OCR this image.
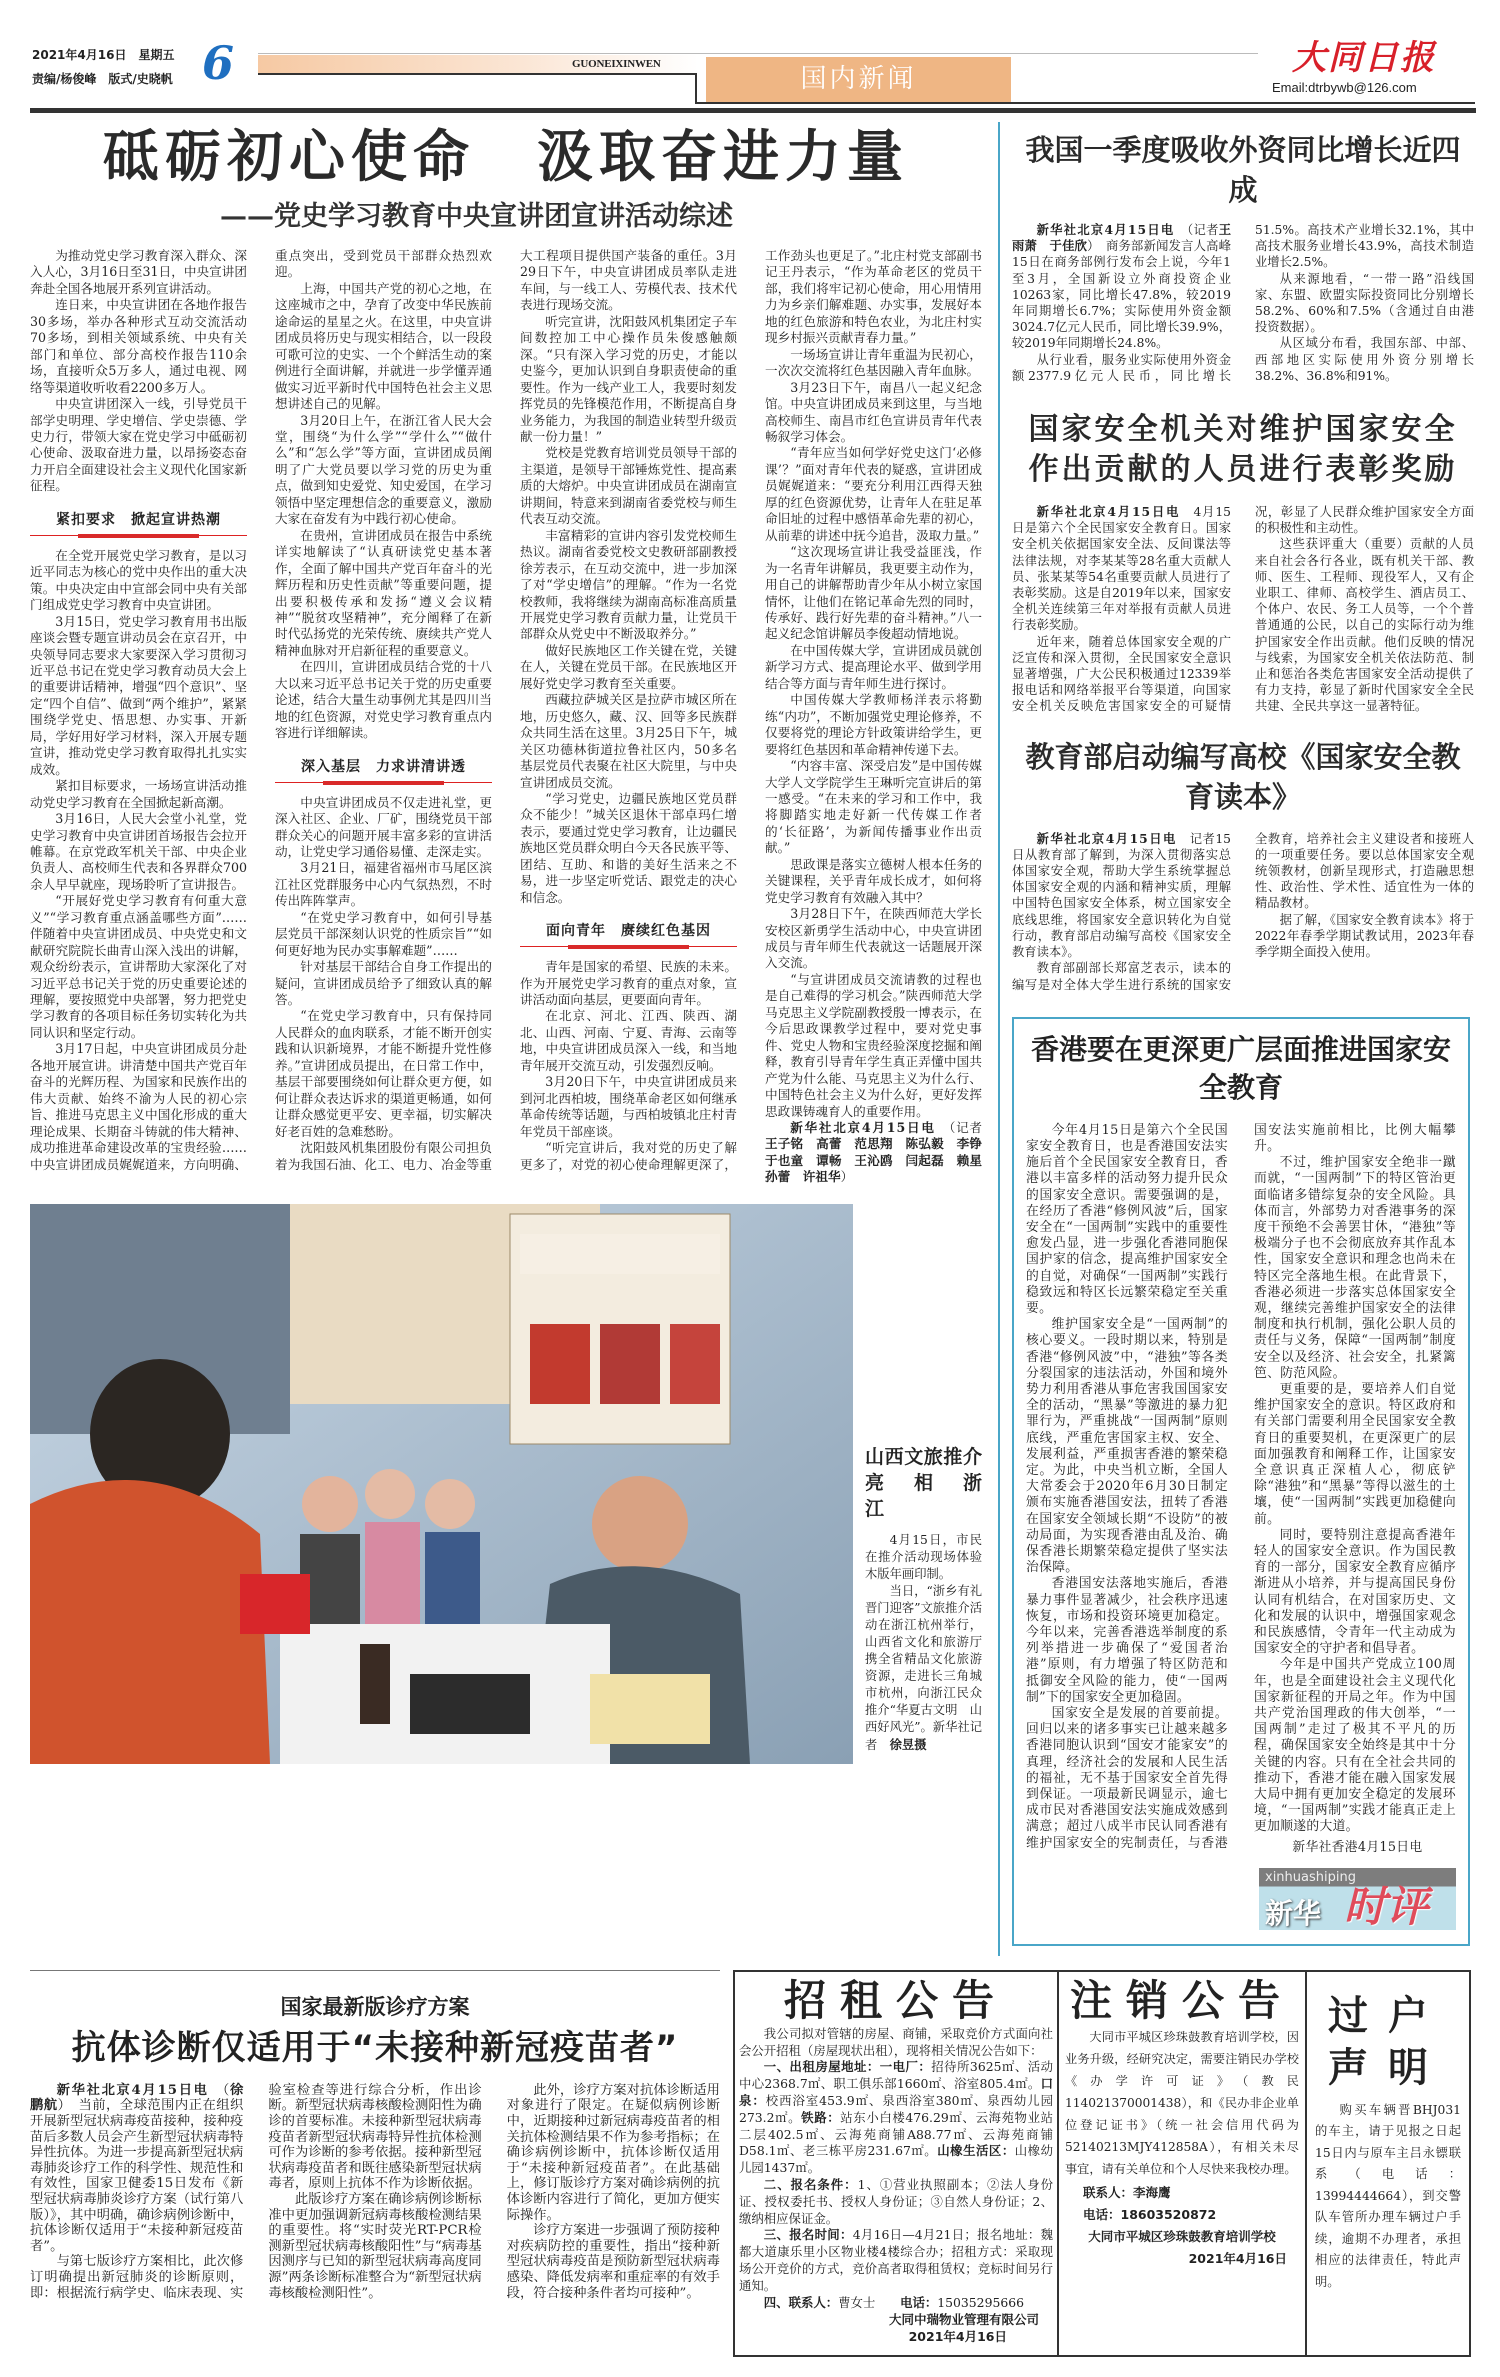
2021年4月16日　星期五
责编/杨俊峰　版式/史晓帆 6	GUONEIXINWEN	国内新闻
大同日报
Email:dtrbywb@126.com
砥砺初心使命　汲取奋进力量
——党史学习教育中央宣讲团宣讲活动综述

为推动党史学习教育深入群众、深入人心，3月16日至31日，中央宣讲团奔赴全国各地展开系列宣讲活动。

连日来，中央宣讲团在各地作报告30多场，举办各种形式互动交流活动70多场，到相关领域系统、中央有关部门和单位、部分高校作报告110余场，直接听众5万多人，通过电视、网络等渠道收听收看2200多万人。

中央宣讲团深入一线，引导党员干部学史明理、学史增信、学史崇德、学史力行，带领大家在党史学习中砥砺初心使命、汲取奋进力量，以昂扬姿态奋力开启全面建设社会主义现代化国家新征程。

紧扣要求　掀起宣讲热潮

在全党开展党史学习教育，是以习近平同志为核心的党中央作出的重大决策。中央决定由中宣部会同中央有关部门组成党史学习教育中央宣讲团。

3月15日，党史学习教育用书出版座谈会暨专题宣讲动员会在京召开，中央领导同志要求大家要深入学习贯彻习近平总书记在党史学习教育动员大会上的重要讲话精神，增强“四个意识”、坚定“四个自信”、做到“两个维护”，紧紧围绕学党史、悟思想、办实事、开新局，学好用好学习材料，深入开展专题宣讲，推动党史学习教育取得扎扎实实成效。

紧扣目标要求，一场场宣讲活动推动党史学习教育在全国掀起新高潮。

3月16日，人民大会堂小礼堂，党史学习教育中央宣讲团首场报告会拉开帷幕。在京党政军机关干部、中央企业负责人、高校师生代表和各界群众700余人早早就座，现场聆听了宣讲报告。

“开展好党史学习教育有何重大意义”“学习教育重点涵盖哪些方面”……伴随着中央宣讲团成员、中央党史和文献研究院院长曲青山深入浅出的讲解，观众纷纷表示，宣讲帮助大家深化了对习近平总书记关于党的历史重要论述的理解，要按照党中央部署，努力把党史学习教育的各项目标任务切实转化为共同认识和坚定行动。

3月17日起，中央宣讲团成员分赴各地开展宣讲。讲清楚中国共产党百年奋斗的光辉历程、为国家和民族作出的伟大贡献、始终不渝为人民的初心宗旨、推进马克思主义中国化形成的重大理论成果、长期奋斗铸就的伟大精神、成功推进革命建设改革的宝贵经验……中央宣讲团成员娓娓道来，方向明确、重点突出，受到党员干部群众热烈欢迎。

上海，中国共产党的初心之地，在这座城市之中，孕育了改变中华民族前途命运的星星之火。在这里，中央宣讲团成员将历史与现实相结合，以一段段可歌可泣的史实、一个个鲜活生动的案例进行全面讲解，并就进一步学懂弄通做实习近平新时代中国特色社会主义思想讲述自己的见解。

3月20日上午，在浙江省人民大会堂，围绕“为什么学”“学什么”“做什么”和“怎么学”等方面，宣讲团成员阐明了广大党员要以学习党的历史为重点，做到知史爱党、知史爱国，在学习领悟中坚定理想信念的重要意义，激励大家在奋发有为中践行初心使命。

在贵州，宣讲团成员在报告中系统详实地解读了“认真研读党史基本著作，全面了解中国共产党百年奋斗的光辉历程和历史性贡献”等重要问题，提出要积极传承和发扬“遵义会议精神”“脱贫攻坚精神”，充分阐释了在新时代弘扬党的光荣传统、赓续共产党人精神血脉对开启新征程的重要意义。

在四川，宣讲团成员结合党的十八大以来习近平总书记关于党的历史重要论述，结合大量生动事例尤其是四川当地的红色资源，对党史学习教育重点内容进行详细解读。

深入基层　力求讲清讲透

中央宣讲团成员不仅走进礼堂，更深入社区、企业、厂矿，围绕党员干部群众关心的问题开展丰富多彩的宣讲活动，让党史学习通俗易懂、走深走实。

3月21日，福建省福州市马尾区滨江社区党群服务中心内气氛热烈，不时传出阵阵掌声。

“在党史学习教育中，如何引导基层党员干部深刻认识党的性质宗旨”“如何更好地为民办实事解难题”……

针对基层干部结合自身工作提出的疑问，宣讲团成员给予了细致认真的解答。

“在党史学习教育中，只有保持同人民群众的血肉联系，才能不断开创实践和认识新境界，才能不断提升党性修养。”宣讲团成员提出，在日常工作中，基层干部要围绕如何让群众更方便，如何让群众表达诉求的渠道更畅通，如何让群众感觉更平安、更幸福，切实解决好老百姓的急难愁盼。

沈阳鼓风机集团股份有限公司担负着为我国石油、化工、电力、冶金等重大工程项目提供国产装备的重任。3月29日下午，中央宣讲团成员率队走进车间，与一线工人、劳模代表、技术代表进行现场交流。

听完宣讲，沈阳鼓风机集团定子车间数控加工中心操作员朱俊感触颇深。“只有深入学习党的历史，才能以史鉴今，更加认识到自身职责使命的重要性。作为一线产业工人，我要时刻发挥党员的先锋模范作用，不断提高自身业务能力，为我国的制造业转型升级贡献一份力量！”

党校是党教育培训党员领导干部的主渠道，是领导干部锤炼党性、提高素质的大熔炉。中央宣讲团成员在湖南宣讲期间，特意来到湖南省委党校与师生代表互动交流。

丰富精彩的宣讲内容引发党校师生热议。湖南省委党校文史教研部副教授徐芳表示，在互动交流中，进一步加深了对“学史增信”的理解。“作为一名党校教师，我将继续为湖南高标准高质量开展党史学习教育贡献力量，让党员干部群众从党史中不断汲取养分。”

做好民族地区工作关键在党，关键在人，关键在党员干部。在民族地区开展好党史学习教育至关重要。

西藏拉萨城关区是拉萨市城区所在地，历史悠久，藏、汉、回等多民族群众共同生活在这里。3月25日下午，城关区功德林街道拉鲁社区内，50多名基层党员代表聚在社区大院里，与中央宣讲团成员交流。

“学习党史，边疆民族地区党员群众不能少！”城关区退休干部卓玛仁增表示，要通过党史学习教育，让边疆民族地区党员群众明白今天各民族平等、团结、互助、和谐的美好生活来之不易，进一步坚定听党话、跟党走的决心和信念。

面向青年　赓续红色基因

青年是国家的希望、民族的未来。作为开展党史学习教育的重点对象，宣讲活动面向基层，更要面向青年。

在北京、河北、江西、陕西、湖北、山西、河南、宁夏、青海、云南等地，中央宣讲团成员深入一线，和当地青年展开交流互动，引发强烈反响。

3月20日下午，中央宣讲团成员来到河北西柏坡，围绕革命老区如何继承革命传统等话题，与西柏坡镇北庄村青年党员干部座谈。

“听完宣讲后，我对党的历史了解更多了，对党的初心使命理解更深了，工作劲头也更足了。”北庄村党支部副书记王丹表示，“作为革命老区的党员干部，我们将牢记初心使命，用心用情用力为乡亲们解难题、办实事，发展好本地的红色旅游和特色农业，为北庄村实现乡村振兴贡献青春力量。”

一场场宣讲让青年重温为民初心，一次次交流将红色基因融入青年血脉。

3月23日下午，南昌八一起义纪念馆。中央宣讲团成员来到这里，与当地高校师生、南昌市红色宣讲员青年代表畅叙学习体会。

“青年应当如何学好党史这门‘必修课’？”面对青年代表的疑惑，宣讲团成员娓娓道来：“要充分利用江西得天独厚的红色资源优势，让青年人在驻足革命旧址的过程中感悟革命先辈的初心，从前辈的讲述中抚今追昔，汲取力量。”

“这次现场宣讲让我受益匪浅，作为一名青年讲解员，我更要主动作为，用自己的讲解帮助青少年从小树立家国情怀，让他们在铭记革命先烈的同时，传承好、践行好先辈的奋斗精神。”八一起义纪念馆讲解员李俊超动情地说。

在中国传媒大学，宣讲团成员就创新学习方式、提高理论水平、做到学用结合等方面与青年师生进行探讨。

中国传媒大学教师杨洋表示将勤练“内功”，不断加强党史理论修养，不仅要将党的理论方针政策讲给学生，更要将红色基因和革命精神传递下去。

“内容丰富、深受启发”是中国传媒大学人文学院学生王琳听完宣讲后的第一感受。“在未来的学习和工作中，我将脚踏实地走好新一代传媒工作者的‘长征路’，为新闻传播事业作出贡献。”

思政课是落实立德树人根本任务的关键课程，关乎青年成长成才，如何将党史学习教育有效融入其中？

3月28日下午，在陕西师范大学长安校区新勇学生活动中心，中央宣讲团成员与青年师生代表就这一话题展开深入交流。

“与宣讲团成员交流请教的过程也是自己难得的学习机会。”陕西师范大学马克思主义学院副教授殷一博表示，在今后思政课教学过程中，要对党史事件、党史人物和宝贵经验深度挖掘和阐释，教育引导青年学生真正弄懂中国共产党为什么能、马克思主义为什么行、中国特色社会主义为什么好，更好发挥思政课铸魂育人的重要作用。

新华社北京4月15日电　（记者王子铭　高蕾　范思翔　陈弘毅　李铮　于也童　谭畅　王沁鸥　闫起磊　赖星　孙蕾　许祖华）

山西文旅推介　亮　相　浙　江

4月15日，市民在推介活动现场体验木版年画印制。

当日，“浙乡有礼　晋门迎客”文旅推介活动在浙江杭州举行，山西省文化和旅游厅携全省精品文化旅游资源，走进长三角城市杭州，向浙江民众推介“华夏古文明　山西好风光”。新华社记者　徐昱摄

我国一季度吸收外资同比增长近四成

新华社北京4月15日电　（记者王雨萧　于佳欣）　商务部新闻发言人高峰15日在商务部例行发布会上说，今年1至3月，全国新设立外商投资企业10263家，同比增长47.8%，较2019年同期增长6.7%；实际使用外资金额3024.7亿元人民币，同比增长39.9%，较2019年同期增长24.8%。

从行业看，服务业实际使用外资金额2377.9亿元人民币，同比增长51.5%。高技术产业增长32.1%，其中高技术服务业增长43.9%，高技术制造业增长2.5%。

从来源地看，“一带一路”沿线国家、东盟、欧盟实际投资同比分别增长58.2%、60%和7.5%（含通过自由港投资数据）。

从区域分布看，我国东部、中部、西部地区实际使用外资分别增长38.2%、36.8%和91%。

国家安全机关对维护国家安全
作出贡献的人员进行表彰奖励

新华社北京4月15日电　4月15日是第六个全民国家安全教育日。国家安全机关依据国家安全法、反间谍法等法律法规，对李某某等28名重大贡献人员、张某某等54名重要贡献人员进行了表彰奖励。这是自2019年以来，国家安全机关连续第三年对举报有贡献人员进行表彰奖励。

近年来，随着总体国家安全观的广泛宣传和深入贯彻，全民国家安全意识显著增强，广大公民积极通过12339举报电话和网络举报平台等渠道，向国家安全机关反映危害国家安全的可疑情况，彰显了人民群众维护国家安全方面的积极性和主动性。

这些获评重大（重要）贡献的人员来自社会各行各业，既有机关干部、教师、医生、工程师、现役军人，又有企业职工、律师、高校学生、酒店员工、个体户、农民、务工人员等，一个个普普通通的公民，以自己的实际行动为维护国家安全作出贡献。他们反映的情况与线索，为国家安全机关依法防范、制止和惩治各类危害国家安全活动提供了有力支持，彰显了新时代国家安全全民共建、全民共享这一显著特征。

教育部启动编写高校《国家安全教育读本》

新华社北京4月15日电　记者15日从教育部了解到，为深入贯彻落实总体国家安全观，帮助大学生系统掌握总体国家安全观的内涵和精神实质，理解中国特色国家安全体系，树立国家安全底线思维，将国家安全意识转化为自觉行动，教育部启动编写高校《国家安全教育读本》。

教育部副部长郑富芝表示，读本的编写是对全体大学生进行系统的国家安全教育，培养社会主义建设者和接班人的一项重要任务。要以总体国家安全观统领教材，创新呈现形式，打造融思想性、政治性、学术性、适宜性为一体的精品教材。

据了解，《国家安全教育读本》将于2022年春季学期试教试用，2023年春季学期全面投入使用。

香港要在更深更广层面推进国家安全教育

今年4月15日是第六个全民国家安全教育日，也是香港国安法实施后首个全民国家安全教育日，香港以丰富多样的活动努力提升民众的国家安全意识。需要强调的是，在经历了香港“修例风波”后，国家安全在“一国两制”实践中的重要性愈发凸显，进一步强化香港同胞保国护家的信念，提高维护国家安全的自觉，对确保“一国两制”实践行稳致远和特区长远繁荣稳定至关重要。

维护国家安全是“一国两制”的核心要义。一段时期以来，特别是香港“修例风波”中，“港独”等各类分裂国家的违法活动，外国和境外势力利用香港从事危害我国国家安全的活动，“黑暴”等激进的暴力犯罪行为，严重挑战“一国两制”原则底线，严重危害国家主权、安全、发展利益，严重损害香港的繁荣稳定。为此，中央当机立断，全国人大常委会于2020年6月30日制定颁布实施香港国安法，扭转了香港在国家安全领域长期“不设防”的被动局面，为实现香港由乱及治、确保香港长期繁荣稳定提供了坚实法治保障。

香港国安法落地实施后，香港暴力事件显著减少，社会秩序迅速恢复，市场和投资环境更加稳定。今年以来，完善香港选举制度的系列举措进一步确保了“爱国者治港”原则，有力增强了特区防范和抵御安全风险的能力，使“一国两制”下的国家安全更加稳固。

国家安全是发展的首要前提。回归以来的诸多事实已让越来越多香港同胞认识到“国安才能家安”的真理，经济社会的发展和人民生活的福祉，无不基于国家安全首先得到保证。一项最新民调显示，逾七成市民对香港国安法实施成效感到满意；超过八成半市民认同香港有维护国家安全的宪制责任，与香港国安法实施前相比，比例大幅攀升。

不过，维护国家安全绝非一蹴而就，“一国两制”下的特区管治更面临诸多错综复杂的安全风险。具体而言，外部势力对香港事务的深度干预绝不会善罢甘休，“港独”等极端分子也不会彻底放弃其作乱本性，国家安全意识和理念也尚未在特区完全落地生根。在此背景下，香港必须进一步落实总体国家安全观，继续完善维护国家安全的法律制度和执行机制，强化公职人员的责任与义务，保障“一国两制”制度安全以及经济、社会安全，扎紧篱笆、防范风险。

更重要的是，要培养人们自觉维护国家安全的意识。特区政府和有关部门需要利用全民国家安全教育日的重要契机，在更深更广的层面加强教育和阐释工作，让国家安全意识真正深植人心，彻底铲除“港独”和“黑暴”等得以滋生的土壤，使“一国两制”实践更加稳健向前。

同时，要特别注意提高香港年轻人的国家安全意识。作为国民教育的一部分，国家安全教育应循序渐进从小培养，并与提高国民身份认同有机结合，在对国家历史、文化和发展的认识中，增强国家观念和民族感情，令青年一代主动成为国家安全的守护者和倡导者。

今年是中国共产党成立100周年，也是全面建设社会主义现代化国家新征程的开局之年。作为中国共产党治国理政的伟大创举，“一国两制”走过了极其不平凡的历程，确保国家安全始终是其中十分关键的内容。只有在全社会共同的推动下，香港才能在融入国家发展大局中拥有更加安全稳定的发展环境，“一国两制”实践才能真正走上更加顺遂的大道。

新华社香港4月15日电

xinhuashiping
新华 时评
国家最新版诊疗方案
抗体诊断仅适用于“未接种新冠疫苗者”

新华社北京4月15日电　（徐鹏航）　当前，全球范围内正在组织开展新型冠状病毒疫苗接种，接种疫苗后多数人员会产生新型冠状病毒特异性抗体。为进一步提高新型冠状病毒肺炎诊疗工作的科学性、规范性和有效性，国家卫健委15日发布《新型冠状病毒肺炎诊疗方案（试行第八版）》，其中明确，确诊病例诊断中，抗体诊断仅适用于“未接种新冠疫苗者”。

与第七版诊疗方案相比，此次修订明确提出新冠肺炎的诊断原则，即：根据流行病学史、临床表现、实验室检查等进行综合分析，作出诊断。新型冠状病毒核酸检测阳性为确诊的首要标准。未接种新型冠状病毒疫苗者新型冠状病毒特异性抗体检测可作为诊断的参考依据。接种新型冠状病毒疫苗者和既往感染新型冠状病毒者，原则上抗体不作为诊断依据。

此版诊疗方案在确诊病例诊断标准中更加强调新冠病毒核酸检测结果的重要性。将“实时荧光RT-PCR检测新型冠状病毒核酸阳性”与“病毒基因测序与已知的新型冠状病毒高度同源”两条诊断标准整合为“新型冠状病毒核酸检测阳性”。

此外，诊疗方案对抗体诊断适用对象进行了限定。在疑似病例诊断中，近期接种过新冠病毒疫苗者的相关抗体检测结果不作为参考指标；在确诊病例诊断中，抗体诊断仅适用于“未接种新冠疫苗者”。在此基础上，修订版诊疗方案对确诊病例的抗体诊断内容进行了简化，更加方便实际操作。

诊疗方案进一步强调了预防接种对疾病防控的重要性，指出“接种新型冠状病毒疫苗是预防新型冠状病毒感染、降低发病率和重症率的有效手段，符合接种条件者均可接种”。

招租公告

我公司拟对管辖的房屋、商铺，采取竞价方式面向社会公开招租（房屋现状出租），现将相关情况公告如下：

一、出租房屋地址：一电厂：招待所3625㎡、活动中心2368.7㎡、职工俱乐部1660㎡、浴室805.4㎡。口　泉：校西浴室453.9㎡、泉西浴室380㎡、泉西幼儿园273.2㎡。铁路：站东小白楼476.29㎡、云海苑物业站二层402.5㎡、云海苑商铺A88.77㎡、云海苑商铺D58.1㎡、老三栋平房231.67㎡。山橡生活区：山橡幼儿园1437㎡。

二、报名条件：1、①营业执照副本；②法人身份证、授权委托书、授权人身份证；③自然人身份证；2、缴纳相应保证金。

三、报名时间：4月16日—4月21日；报名地址：魏都大道康乐里小区物业楼4楼综合办；招租方式：采取现场公开竞价的方式，竞价高者取得租赁权；竞标时间另行通知。

四、联系人：曹女士　　电话：15035295666

大同中瑞物业管理有限公司
2021年4月16日
注销公告

大同市平城区珍珠鼓教育培训学校，因业务升级，经研究决定，需要注销民办学校《办学许可证》（教民114021370001438），和《民办非企业单位登记证书》（统一社会信用代码为52140213MJY412858A），有相关未尽事宜，请有关单位和个人尽快来我校办理。

联系人：李海鹰
电话：18603520872
大同市平城区珍珠鼓教育培训学校
2021年4月16日
过户
声明

购买车辆晋BHJ031的车主，请于见报之日起15日内与原车主吕永镖联系（电话：13994444664），到交警队车管所办理车辆过户手续，逾期不办理者，承担相应的法律责任，特此声明。
